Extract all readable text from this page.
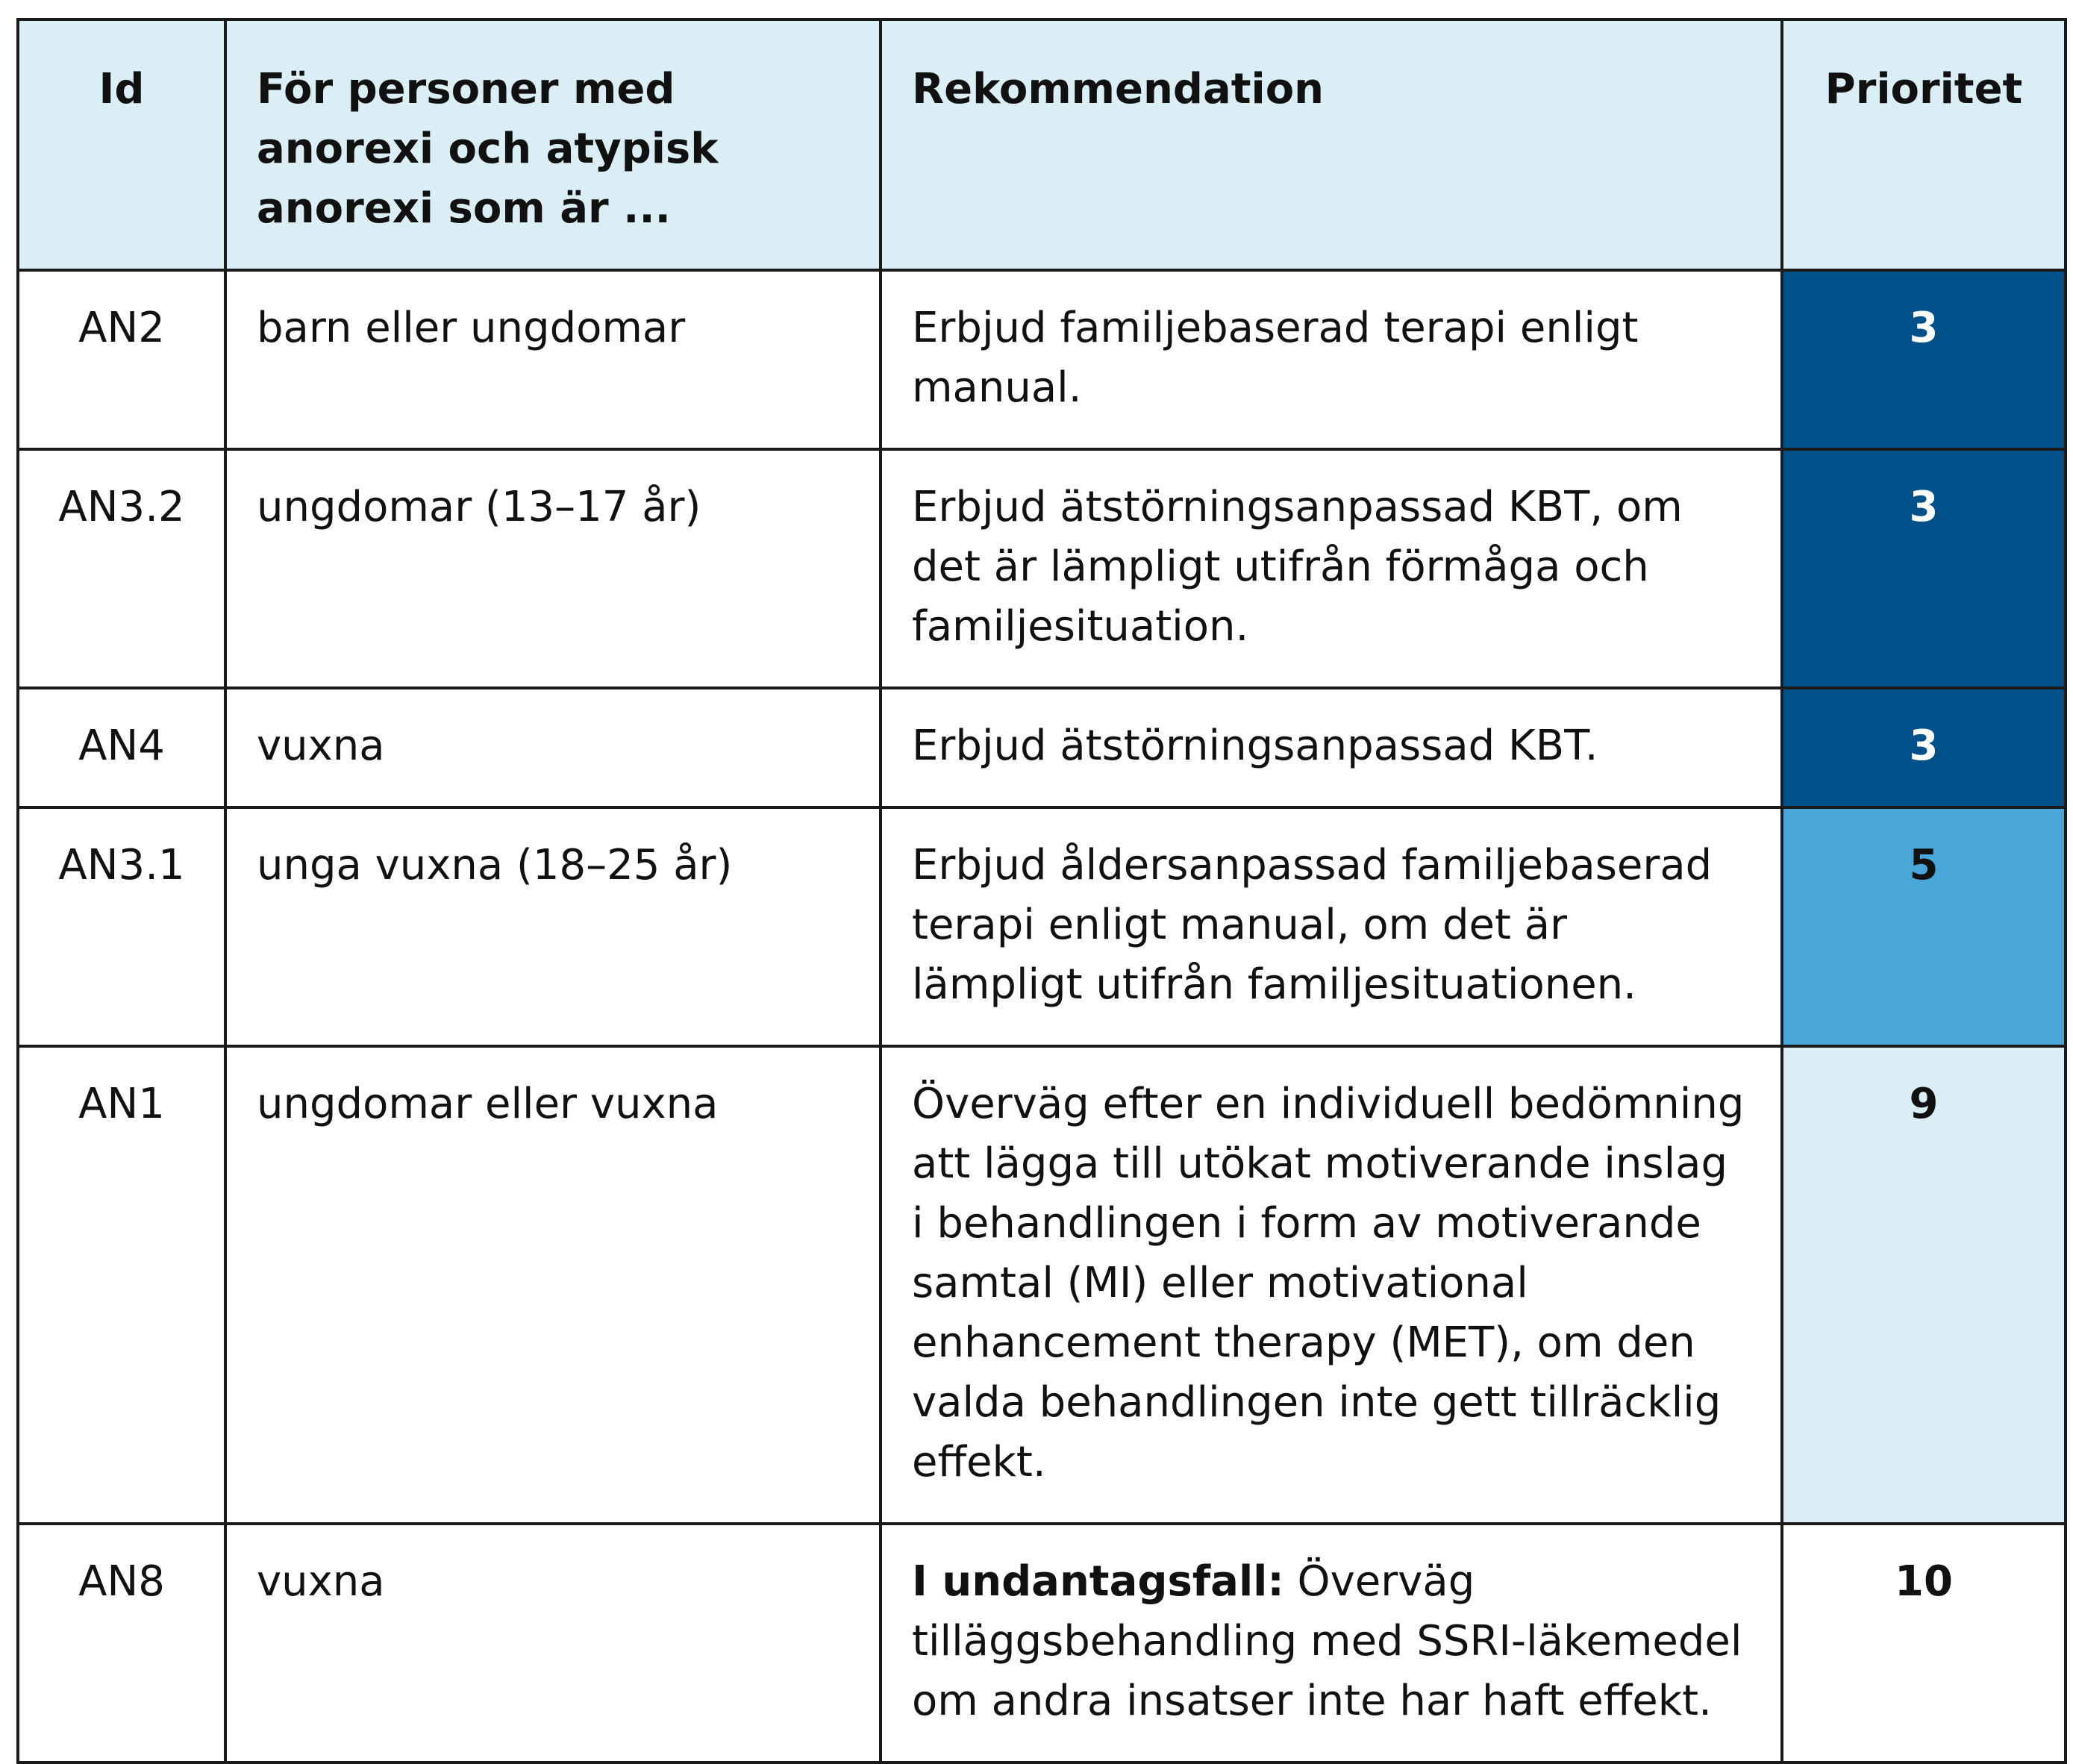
Id	För personer med anorexi och atypisk anorexi som är ...	Rekommendation	Prioritet
AN2	barn eller ungdomar	Erbjud familjebaserad terapi enligt manual.	3
AN3.2	ungdomar (13–17 år)	Erbjud ätstörningsanpassad KBT, om det är lämpligt utifrån förmåga och familjesituation.	3
AN4	vuxna	Erbjud ätstörningsanpassad KBT.	3
AN3.1	unga vuxna (18–25 år)	Erbjud åldersanpassad familjebaserad terapi enligt manual, om det är lämpligt utifrån familjesituationen.	5
AN1	ungdomar eller vuxna	Överväg efter en individuell bedömning att lägga till utökat motiverande inslag i behandlingen i form av motiverande samtal (MI) eller motivational enhancement therapy (MET), om den valda behandlingen inte gett tillräcklig effekt.	9
AN8	vuxna	I undantagsfall: Överväg tilläggsbehandling med SSRI-läkemedel om andra insatser inte har haft effekt.	10
